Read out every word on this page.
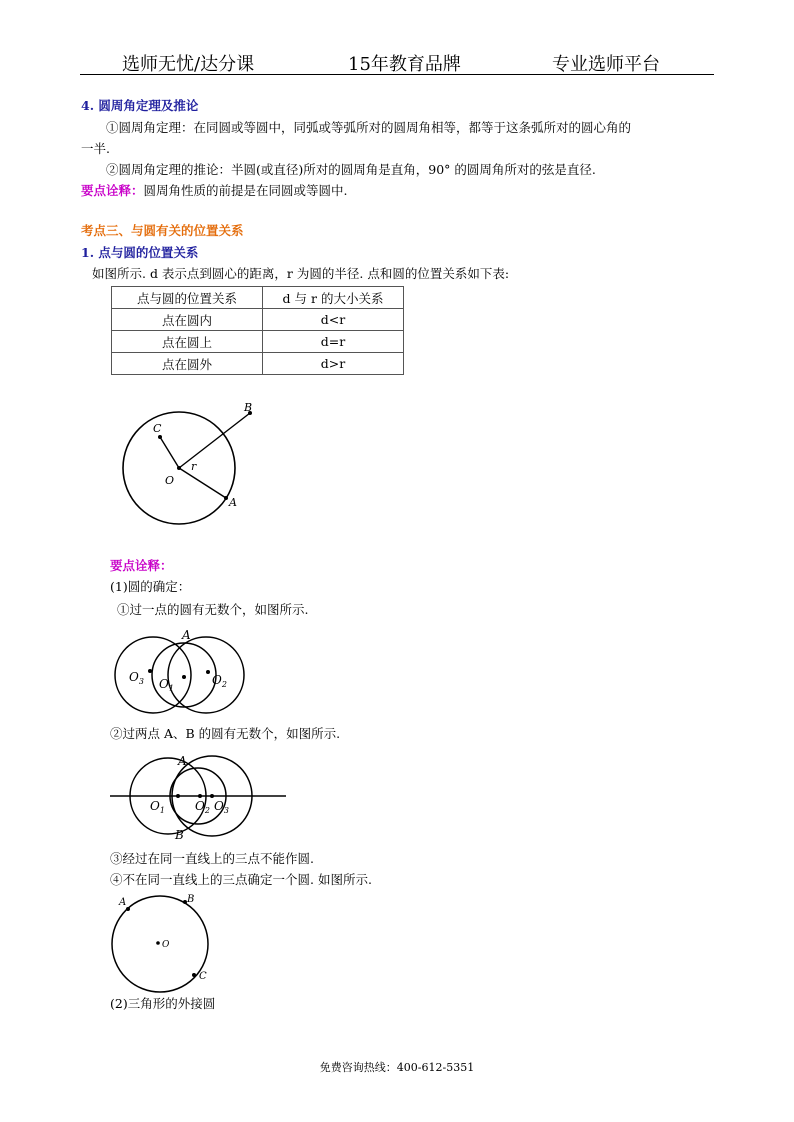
选师无忧/达分课	15年教育品牌	专业选师平台
4. 圆周角定理及推论
①圆周角定理：在同圆或等圆中，同弧或等弧所对的圆周角相等，都等于这条弧所对的圆心角的
一半.
②圆周角定理的推论：半圆(或直径)所对的圆周角是直角，90° 的圆周角所对的弦是直径.
要点诠释：圆周角性质的前提是在同圆或等圆中.
考点三、与圆有关的位置关系
1. 点与圆的位置关系
如图所示. d 表示点到圆心的距离，r 为圆的半径. 点和圆的位置关系如下表:
点与圆的位置关系	d 与 r 的大小关系
点在圆内	d<r
点在圆上	d=r
点在圆外	d>r
B
C
O
r
A
要点诠释：
(1)圆的确定：
①过一点的圆有无数个，如图所示.
A
$O_3$ $O_1$
$O_2$
②过两点 A、B 的圆有无数个，如图所示.
A
B
$O_1$	$O_2$ $O_3$
③经过在同一直线上的三点不能作圆.
④不在同一直线上的三点确定一个圆. 如图所示.
A	B
O
C
(2)三角形的外接圆
免费咨询热线：400-612-5351
